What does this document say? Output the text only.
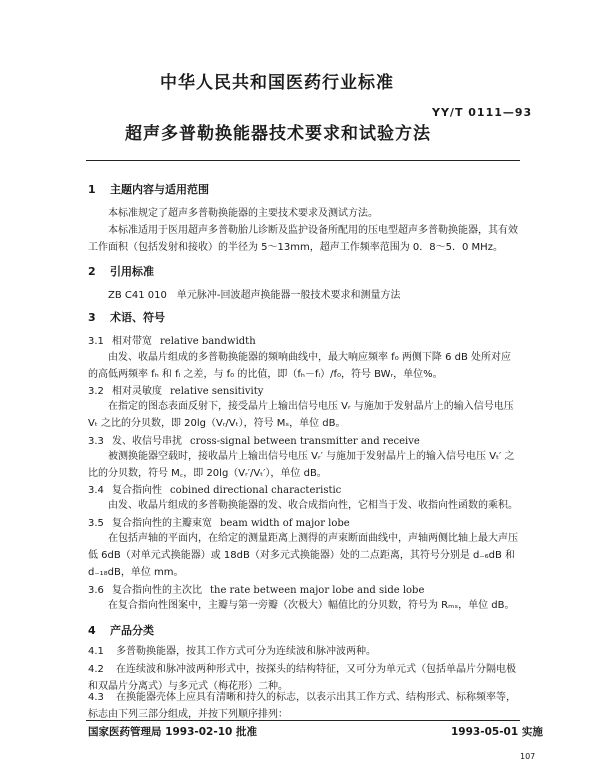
中华人民共和国医药行业标准
YY/T 0111—93
超声多普勒换能器技术要求和试验方法
1 主题内容与适用范围
本标准规定了超声多普勒换能器的主要技术要求及测试方法。
本标准适用于医用超声多普勒胎儿诊断及监护设备所配用的压电型超声多普勒换能器，其有效工作面积（包括发射和接收）的半径为 5～13mm，超声工作频率范围为 0．8～5．0 MHz。
2 引用标准
ZB C41 010　单元脉冲-回波超声换能器一般技术要求和测量方法
3 术语、符号
3.1 相对带宽 relative bandwidth
由发、收晶片组成的多普勒换能器的频响曲线中，最大响应频率 f₀ 两侧下降 6 dB 处所对应的高低两频率 fₕ 和 fₗ 之差，与 f₀ 的比值，即（fₕ－fₗ）/f₀，符号 BWᵣ，单位%。
3.2 相对灵敏度 relative sensitivity
在指定的图态表面反射下，接受晶片上输出信号电压 Vᵣ 与施加于发射晶片上的输入信号电压 Vₜ 之比的分贝数，即 20lg（Vᵣ/Vₜ），符号 Mₛ，单位 dB。
3.3 发、收信号串扰 cross-signal between transmitter and receive
被测换能器空载时，接收晶片上输出信号电压 Vᵣ′ 与施加于发射晶片上的输入信号电压 Vₜ′ 之比的分贝数，符号 M꜀，即 20lg（Vᵣ′/Vₜ′），单位 dB。
3.4 复合指向性 cobined directional characteristic
由发、收晶片组成的多普勒换能器的发、收合成指向性，它相当于发、收指向性函数的乘积。
3.5 复合指向性的主瓣束宽 beam width of major lobe
在包括声轴的平面内，在给定的测量距离上测得的声束断面曲线中，声轴两侧比轴上最大声压低 6dB（对单元式换能器）或 18dB（对多元式换能器）处的二点距离，其符号分别是 d₋₆dB 和 d₋₁₈dB，单位 mm。
3.6 复合指向性的主次比 the rate between major lobe and side lobe
在复合指向性图案中，主瓣与第一旁瓣（次极大）幅值比的分贝数，符号为 Rₘₛ，单位 dB。
4 产品分类
4.1 多普勒换能器，按其工作方式可分为连续波和脉冲波两种。
4.2 在连续波和脉冲波两种形式中，按探头的结构特征，又可分为单元式（包括单晶片分隔电极和双晶片分离式）与多元式（梅花形）二种。
4.3 在换能器壳体上应具有清晰和持久的标志，以表示出其工作方式、结构形式、标称频率等，标志由下列三部分组成，并按下列顺序排列：
国家医药管理局 1993-02-10 批准	1993-05-01 实施
107
